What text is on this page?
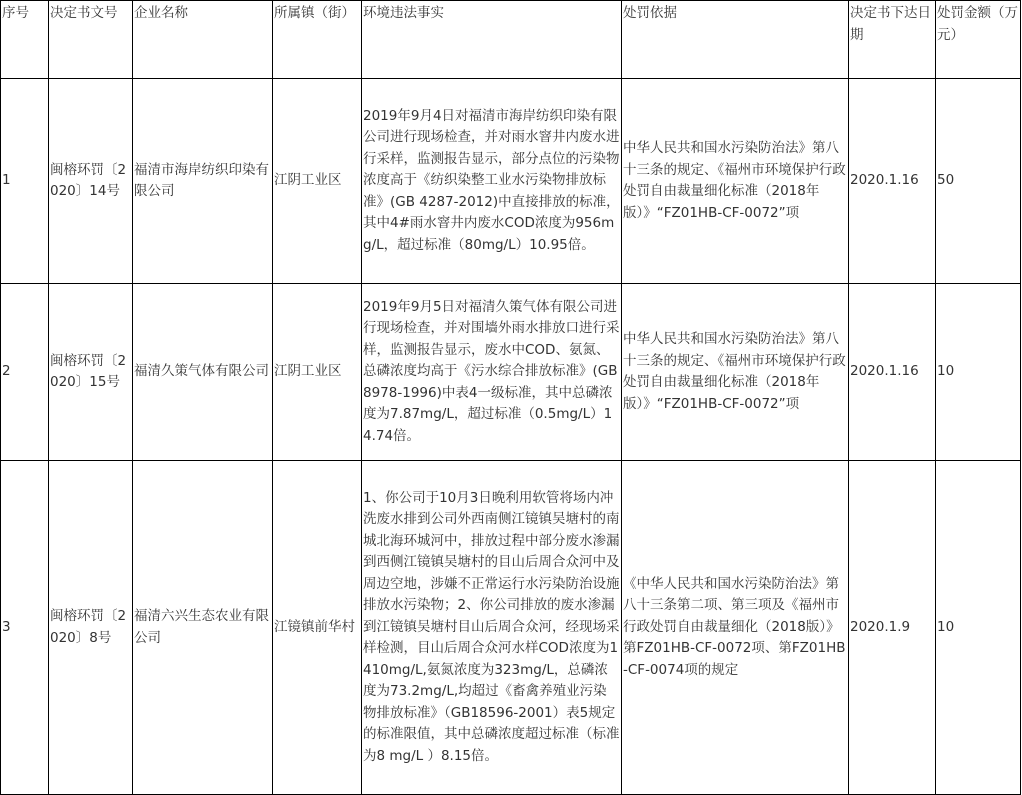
序号	决定书文号	企业名称	所属镇（街）	环境违法事实	处罚依据	决定书下达日期	处罚金额（万元）
1	闽榕环罚〔2020〕14号	福清市海岸纺织印染有限公司	江阴工业区	2019年9月4日对福清市海岸纺织印染有限公司进行现场检查，并对雨水窨井内废水进行采样，监测报告显示，部分点位的污染物浓度高于《纺织染整工业水污染物排放标准》(GB 4287-2012)中直接排放的标准，其中4#雨水窨井内废水COD浓度为956mg/L，超过标准（80mg/L）10.95倍。	中华人民共和国水污染防治法》第八十三条的规定、《福州市环境保护行政处罚自由裁量细化标准（2018年版）》“FZ01HB-CF-0072”项	2020.1.16	50
2	闽榕环罚〔2020〕15号	福清久策气体有限公司	江阴工业区	2019年9月5日对福清久策气体有限公司进行现场检查，并对围墙外雨水排放口进行采样，监测报告显示，废水中COD、氨氮、总磷浓度均高于《污水综合排放标准》(GB8978-1996)中表4一级标准，其中总磷浓度为7.87mg/L，超过标准（0.5mg/L）14.74倍。	中华人民共和国水污染防治法》第八十三条的规定、《福州市环境保护行政处罚自由裁量细化标准（2018年版）》“FZ01HB-CF-0072”项	2020.1.16	10
3	闽榕环罚〔2020〕8号	福清六兴生态农业有限公司	江镜镇前华村	1、你公司于10月3日晚利用软管将场内冲洗废水排到公司外西南侧江镜镇吴塘村的南城北海环城河中，排放过程中部分废水渗漏到西侧江镜镇吴塘村的目山后周合众河中及周边空地，涉嫌不正常运行水污染防治设施排放水污染物；2、你公司排放的废水渗漏到江镜镇吴塘村目山后周合众河，经现场采样检测，目山后周合众河水样COD浓度为1410mg/L,氨氮浓度为323mg/L，总磷浓度为73.2mg/L,均超过《畜禽养殖业污染物排放标准》（GB18596-2001）表5规定的标准限值，其中总磷浓度超过标准（标准为8 mg/L ）8.15倍。	《中华人民共和国水污染防治法》第八十三条第二项、第三项及《福州市行政处罚自由裁量细化（2018版）》第FZ01HB-CF-0072项、第FZ01HB-CF-0074项的规定	2020.1.9	10
